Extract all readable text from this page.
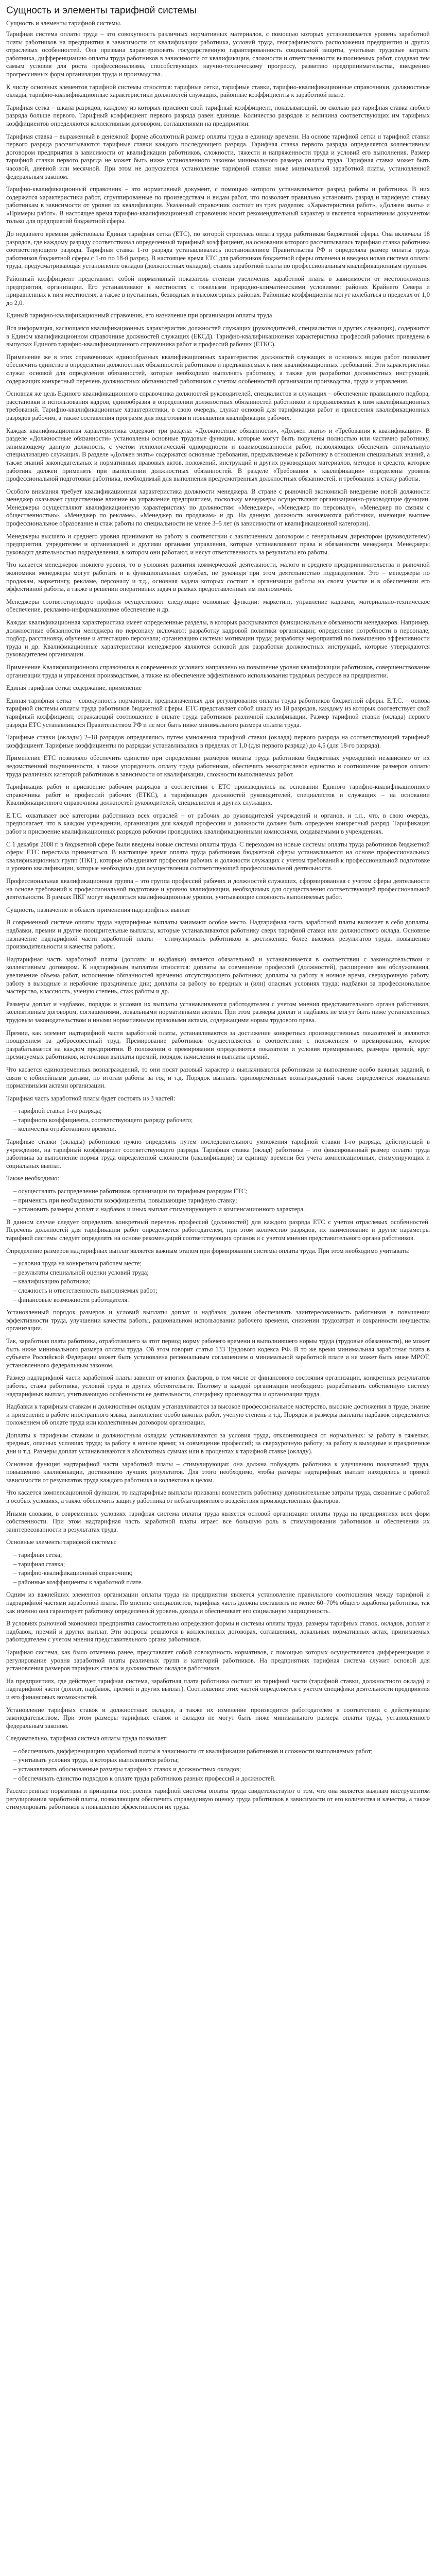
Сущность и элементы тарифной системы
Сущность и элементы тарифной системы.

Тарифная система оплаты труда – это совокупность различных нормативных материалов, с помощью которых устанавливается уровень заработной платы работников на предприятии в зависимости от квалификации работника, условий труда, географического расположения предприятия и других отраслевых особенностей. Она призвана характеризовать государственную гарантированность социальной защиты, учитывая трудовые затраты работника, дифференциацию оплаты труда работников в зависимости от квалификации, сложности и ответственности выполняемых работ, создавая тем самым условия для роста профессионализма, способствующих научно-техническому прогрессу, развитию предпринимательства, внедрению прогрессивных форм организации труда и производства.

К числу основных элементов тарифной системы относятся: тарифные сетки, тарифные ставки, тарифно-квалификационные справочники, должностные оклады, тарифно-квалификационные характеристики должностей служащих, районные коэффициенты к заработной плате.

Тарифная сетка – шкала разрядов, каждому из которых присвоен свой тарифный коэффициент, показывающий, во сколько раз тарифная ставка любого разряда больше первого. Тарифный коэффициент первого разряда равен единице. Количество разрядов и величина соответствующих им тарифных коэффициентов определяются коллективным договором, соглашениями на предприятии.

Тарифная ставка – выраженный в денежной форме абсолютный размер оплаты труда в единицу времени. На основе тарифной сетки и тарифной ставки первого разряда рассчитываются тарифные ставки каждого последующего разряда. Тарифная ставка первого разряда определяется коллективным договором предприятия в зависимости от квалификации работников, сложности, тяжести и напряженности труда и условий его выполнения. Размер тарифной ставки первого разряда не может быть ниже установленного законом минимального размера оплаты труда. Тарифная ставка может быть часовой, дневной или месячной. При этом не допускается установление тарифной ставки ниже минимальной заработной платы, установленной федеральным законом.

Тарифно-квалификационный справочник – это нормативный документ, с помощью которого устанавливается разряд работы и работника. В них содержатся характеристики работ, сгруппированные по производствам и видам работ, что позволяет правильно установить разряд и тарифную ставку работникам в зависимости от уровня их квалификации. Указанный справочник состоит из трех разделов: «Характеристика работ», «Должен знать» и «Примеры работ». В настоящее время тарифно-квалификационный справочник носит рекомендательный характер и является нормативным документом только для предприятий бюджетной сферы.

До недавнего времени действовала Единая тарифная сетка (ЕТС), по которой строилась оплата труда работников бюджетной сферы. Она включала 18 разрядов, где каждому разряду соответствовал определенный тарифный коэффициент, на основании которого рассчитывалась тарифная ставка работника соответствующего разряда. Тарифная ставка 1-го разряда устанавливалась постановлением Правительства РФ и определяла размер оплаты труда работников бюджетной сферы с 1-го по 18-й разряд. В настоящее время ЕТС для работников бюджетной сферы отменена и введена новая система оплаты труда, предусматривающая установление окладов (должностных окладов), ставок заработной платы по профессиональным квалификационным группам.

Районный коэффициент представляет собой нормативный показатель степени увеличения заработной платы в зависимости от местоположения предприятия, организации. Его устанавливают в местностях с тяжелыми природно-климатическими условиями: районах Крайнего Севера и приравненных к ним местностях, а также в пустынных, безводных и высокогорных районах. Районные коэффициенты могут колебаться в пределах от 1,0 до 2,0.

Единый тарифно-квалификационный справочник, его назначение при организации оплаты труда

Вся информация, касающаяся квалификационных характеристик должностей служащих (руководителей, специалистов и других служащих), содержится в Едином квалификационном справочнике должностей служащих (ЕКСД). Тарифно-квалификационная характеристика профессий рабочих приведена в выпусках Единого тарифно-квалификационного справочника работ и профессий рабочих (ЕТКС).

Применение же в этих справочниках единообразных квалификационных характеристик должностей служащих и основных видов работ позволяет обеспечить единство в определении должностных обязанностей работников и предъявляемых к ним квалификационных требований. Эти характеристики служат основой для определения обязанностей, которые необходимо выполнять работнику, а также для разработки должностных инструкций, содержащих конкретный перечень должностных обязанностей работников с учетом особенностей организации производства, труда и управления.

Основная же цель Единого квалификационного справочника должностей руководителей, специалистов и служащих – обеспечение правильного подбора, расстановки и использования кадров, единообразия в определении должностных обязанностей работников и предъявляемых к ним квалификационных требований. Тарифно-квалификационные характеристики, в свою очередь, служат основой для тарификации работ и присвоения квалификационных разрядов рабочим, а также составления программ для подготовки и повышения квалификации рабочих.

Каждая квалификационная характеристика содержит три раздела: «Должностные обязанности», «Должен знать» и «Требования к квалификации». В разделе «Должностные обязанности» установлены основные трудовые функции, которые могут быть поручены полностью или частично работнику, занимающему данную должность, с учетом технологической однородности и взаимосвязанности работ, позволяющих обеспечить оптимальную специализацию служащих. В разделе «Должен знать» содержатся основные требования, предъявляемые к работнику в отношении специальных знаний, а также знаний законодательных и нормативных правовых актов, положений, инструкций и других руководящих материалов, методов и средств, которые работник должен применять при выполнении должностных обязанностей. В разделе «Требования к квалификации» определены уровень профессиональной подготовки работника, необходимый для выполнения предусмотренных должностных обязанностей, и требования к стажу работы.

Особого внимания требует квалификационная характеристика должности менеджера. В стране с рыночной экономикой внедрение новой должности менеджер оказывает существенное влияние на управление предприятием, поскольку менеджеры осуществляют организационно-руководящие функции. Менеджеры осуществляют квалификационную характеристику по должностям: «Менеджер», «Менеджер по персоналу», «Менеджер по связям с общественностью», «Менеджер по рекламе», «Менеджер по продажам» и др. На данную должность назначаются работники, имеющие высшее профессиональное образование и стаж работы по специальности не менее 3–5 лет (в зависимости от квалификационной категории).

Менеджеры высшего и среднего уровня принимают на работу в соответствии с заключенным договором с генеральным директором (руководителем) предприятия, учредителем и организацией и другими органами управления, которые устанавливают права и обязанности менеджера. Менеджеры руководят деятельностью подразделения, в котором они работают, и несут ответственность за результаты его работы.

Что касается менеджеров нижнего уровня, то в условиях развития коммерческой деятельности, малого и среднего предпринимательства и рыночной экономики менеджеры могут работать и в функциональных службах, не руководя при этом деятельностью подразделения. Это – менеджеры по продажам, маркетингу, рекламе, персоналу и т.д., основная задача которых состоит в организации работы на своем участке и в обеспечении его эффективной работы, а также в решении оперативных задач в рамках предоставленных им полномочий.

Менеджеры соответствующего профиля осуществляют следующие основные функции: маркетинг, управление кадрами, материально-техническое обеспечение, рекламно-информационное обеспечение и др.

Каждая квалификационная характеристика имеет определенные разделы, в которых раскрываются функциональные обязанности менеджеров. Например, должностные обязанности менеджера по персоналу включают: разработку кадровой политики организации; определение потребности в персонале; подбор, расстановку, обучение и аттестацию персонала; организацию системы мотивации труда; разработку мероприятий по повышению эффективности труда и др. Квалификационные характеристики менеджеров являются основой для разработки должностных инструкций, которые утверждаются руководителем организации.

Применение Квалификационного справочника в современных условиях направлено на повышение уровня квалификации работников, совершенствование организации труда и управления производством, а также на обеспечение эффективного использования трудовых ресурсов на предприятии.

Единая тарифная сетка: содержание, применение

Единая тарифная сетка – совокупность нормативов, предназначенных для регулирования оплаты труда работников бюджетной сферы. Е.Т.С. – основа тарифной системы оплаты труда работников бюджетной сферы. ЕТС представляет собой шкалу из 18 разрядов, каждому из которых соответствует свой тарифный коэффициент, отражающий соотношение в оплате труда работников различной квалификации. Размер тарифной ставки (оклада) первого разряда ЕТС устанавливался Правительством РФ и не мог быть ниже минимального размера оплаты труда.

Тарифные ставки (оклады) 2–18 разрядов определялись путем умножения тарифной ставки (оклада) первого разряда на соответствующий тарифный коэффициент. Тарифные коэффициенты по разрядам устанавливались в пределах от 1,0 (для первого разряда) до 4,5 (для 18-го разряда).

Применение ЕТС позволяло обеспечить единство при определении размеров оплаты труда работников бюджетных учреждений независимо от их ведомственной подчиненности, а также упорядочить оплату труда работников, обеспечить межотраслевое единство и соотношение размеров оплаты труда различных категорий работников в зависимости от квалификации, сложности выполняемых работ.

Тарификация работ и присвоение рабочим разрядов в соответствии с ЕТС производились на основании Единого тарифно-квалификационного справочника работ и профессий рабочих (ЕТКС), а тарификация должностей руководителей, специалистов и служащих – на основании Квалификационного справочника должностей руководителей, специалистов и других служащих.

Е.Т.С. охватывает все категории работников всех отраслей – от рабочих до руководителей учреждений и органов, и т.п., что, в свою очередь, предполагает, что в каждом учреждении, организации для каждой профессии и должности должен быть определен конкретный разряд. Тарификация работ и присвоение квалификационных разрядов рабочим проводились квалификационными комиссиями, создаваемыми в учреждениях.

С 1 декабря 2008 г. в бюджетной сфере были введены новые системы оплаты труда. С переходом на новые системы оплаты труда работников бюджетной сферы ЕТС перестала применяться. В настоящее время оплата труда работников бюджетной сферы устанавливается на основе профессиональных квалификационных групп (ПКГ), которые объединяют профессии рабочих и должности служащих с учетом требований к профессиональной подготовке и уровню квалификации, которые необходимы для осуществления соответствующей профессиональной деятельности.

Профессиональная квалификационная группа – это группа профессий рабочих и должностей служащих, сформированная с учетом сферы деятельности на основе требований к профессиональной подготовке и уровню квалификации, необходимых для осуществления соответствующей профессиональной деятельности. В рамках ПКГ могут выделяться квалификационные уровни, учитывающие сложность выполняемых работ.

Сущность, назначение и область применения надтарифных выплат

В современной системе оплаты труда надтарифные выплаты занимают особое место. Надтарифная часть заработной платы включает в себя доплаты, надбавки, премии и другие поощрительные выплаты, которые устанавливаются работнику сверх тарифной ставки или должностного оклада. Основное назначение надтарифной части заработной платы – стимулировать работников к достижению более высоких результатов труда, повышению производительности и качества работы.

Надтарифная часть заработной платы (доплаты и надбавки) является обязательной и устанавливается в соответствии с законодательством и коллективным договором. К надтарифным выплатам относятся: доплаты за совмещение профессий (должностей), расширение зон обслуживания, увеличение объема работ, исполнение обязанностей временно отсутствующего работника; доплаты за работу в ночное время, сверхурочную работу, работу в выходные и нерабочие праздничные дни; доплаты за работу во вредных и (или) опасных условиях труда; надбавки за профессиональное мастерство, классность, ученую степень, стаж работы и др.

Размеры доплат и надбавок, порядок и условия их выплаты устанавливаются работодателем с учетом мнения представительного органа работников, коллективным договором, соглашениями, локальными нормативными актами. При этом размеры доплат и надбавок не могут быть ниже установленных трудовым законодательством и иными нормативными правовыми актами, содержащими нормы трудового права.

Премии, как элемент надтарифной части заработной платы, устанавливаются за достижение конкретных производственных показателей и являются поощрением за добросовестный труд. Премирование работников осуществляется в соответствии с положением о премировании, которое разрабатывается на каждом предприятии. В положении о премировании определяются показатели и условия премирования, размеры премий, круг премируемых работников, источники выплаты премий, порядок начисления и выплаты премий.

Что касается единовременных вознаграждений, то они носят разовый характер и выплачиваются работникам за выполнение особо важных заданий, в связи с юбилейными датами, по итогам работы за год и т.д. Порядок выплаты единовременных вознаграждений также определяется локальными нормативными актами организации.

Тарифная часть заработной платы будет состоять из 3 частей:

– тарифной ставки 1-го разряда;
– тарифного коэффициента, соответствующего разряду рабочего;
– количества отработанного времени.

Тарифные ставки (оклады) работников нужно определять путем последовательного умножения тарифной ставки 1-го разряда, действующей в учреждении, на тарифный коэффициент соответствующего разряда. Тарифная ставка (оклад) работника – это фиксированный размер оплаты труда работника за выполнение нормы труда определенной сложности (квалификации) за единицу времени без учета компенсационных, стимулирующих и социальных выплат.

Также необходимо:

– осуществлять распределение работников организации по тарифным разрядам ЕТС;
– применять при необходимости коэффициенты, повышающие тарифную ставку;
– установить размеры доплат и надбавок и иных выплат стимулирующего и компенсационного характера.

В данном случае следует определить конкретный перечень профессий (должностей) для каждого разряда ЕТС с учетом отраслевых особенностей. Перечень должностей для тарификации работ определяется работодателем, при этом количество разрядов, их наименование и другие параметры тарифной системы следует определять на основе рекомендаций соответствующих органов и с учетом мнения представительного органа работников.

Определение размеров надтарифных выплат является важным этапом при формировании системы оплаты труда. При этом необходимо учитывать:

– условия труда на конкретном рабочем месте;
– результаты специальной оценки условий труда;
– квалификацию работника;
– сложность и ответственность выполняемых работ;
– финансовые возможности работодателя.

Установленный порядок размеров и условий выплаты доплат и надбавок должен обеспечивать заинтересованность работников в повышении эффективности труда, улучшении качества работы, рациональном использовании рабочего времени, снижении трудозатрат и сохранности имущества организации.

Так, заработная плата работника, отработавшего за этот период норму рабочего времени и выполнившего нормы труда (трудовые обязанности), не может быть ниже минимального размера оплаты труда. Об этом говорит статья 133 Трудового кодекса РФ. В то же время минимальная заработная плата в субъекте Российской Федерации может быть установлена региональным соглашением о минимальной заработной плате и не может быть ниже МРОТ, установленного федеральным законом.

Размер надтарифной части заработной платы зависит от многих факторов, в том числе от финансового состояния организации, конкретных результатов работы, стажа работника, условий труда и других обстоятельств. Поэтому в каждой организации необходимо разрабатывать собственную систему надтарифных выплат, учитывающую особенности ее деятельности, специфику производства и организации труда.

Надбавки к тарифным ставкам и должностным окладам устанавливаются за высокое профессиональное мастерство, высокие достижения в труде, знание и применение в работе иностранного языка, выполнение особо важных работ, ученую степень и т.д. Порядок и размеры выплаты надбавок определяются положением об оплате труда или коллективным договором организации.

Доплаты к тарифным ставкам и должностным окладам устанавливаются за условия труда, отклоняющиеся от нормальных: за работу в тяжелых, вредных, опасных условиях труда; за работу в ночное время; за совмещение профессий; за сверхурочную работу; за работу в выходные и праздничные дни и т.д. Размеры доплат устанавливаются в абсолютных суммах или в процентах к тарифной ставке (окладу).

Основная функция надтарифной части заработной платы – стимулирующая: она должна побуждать работника к улучшению показателей труда, повышению квалификации, достижению лучших результатов. Для этого необходимо, чтобы размеры надтарифных выплат находились в прямой зависимости от результатов труда каждого работника и коллектива в целом.

Что касается компенсационной функции, то надтарифные выплаты призваны возместить работнику дополнительные затраты труда, связанные с работой в особых условиях, а также обеспечить защиту работника от неблагоприятного воздействия производственных факторов.

Иными словами, в современных условиях тарифная система оплаты труда является основой организации оплаты труда на предприятиях всех форм собственности. При этом надтарифная часть заработной платы играет все большую роль в стимулировании работников и обеспечении их заинтересованности в результатах труда.

Основные элементы тарифной системы:

– тарифная сетка;
– тарифная ставка;
– тарифно-квалификационный справочник;
– районные коэффициенты к заработной плате.

Одним из важнейших элементов организации оплаты труда на предприятии является установление правильного соотношения между тарифной и надтарифной частями заработной платы. По мнению специалистов, тарифная часть должна составлять не менее 60–70% общего заработка работника, так как именно она гарантирует работнику определенный уровень дохода и обеспечивает его социальную защищенность.

В условиях рыночной экономики предприятия самостоятельно определяют формы и системы оплаты труда, размеры тарифных ставок, окладов, доплат и надбавок, премий и других выплат. Эти вопросы решаются в коллективных договорах, соглашениях, локальных нормативных актах, принимаемых работодателем с учетом мнения представительного органа работников.

Тарифная система, как было отмечено ранее, представляет собой совокупность нормативов, с помощью которых осуществляется дифференциация и регулирование уровня заработной платы различных групп и категорий работников. На предприятиях тарифная система служит основой для установления размеров тарифных ставок и должностных окладов работников.

На предприятиях, где действует тарифная система, заработная плата работника состоит из тарифной части (тарифной ставки, должностного оклада) и надтарифной части (доплат, надбавок, премий и других выплат). Соотношение этих частей определяется с учетом специфики деятельности предприятия и его финансовых возможностей.

Установление тарифных ставок и должностных окладов, а также их изменение производится работодателем в соответствии с действующим законодательством. При этом размеры тарифных ставок и окладов не могут быть ниже минимального размера оплаты труда, установленного федеральным законом.

Следовательно, тарифная система оплаты труда позволяет:

– обеспечивать дифференциацию заработной платы в зависимости от квалификации работников и сложности выполняемых работ;
– учитывать условия труда, в которых выполняются работы;
– устанавливать обоснованные размеры тарифных ставок и должностных окладов;
– обеспечивать единство подходов к оплате труда работников разных профессий и должностей.

Рассмотренные нормативы и принципы построения тарифной системы оплаты труда свидетельствуют о том, что она является важным инструментом регулирования заработной платы, позволяющим обеспечить справедливую оценку труда работников в зависимости от его количества и качества, а также стимулировать работников к повышению эффективности их труда.
